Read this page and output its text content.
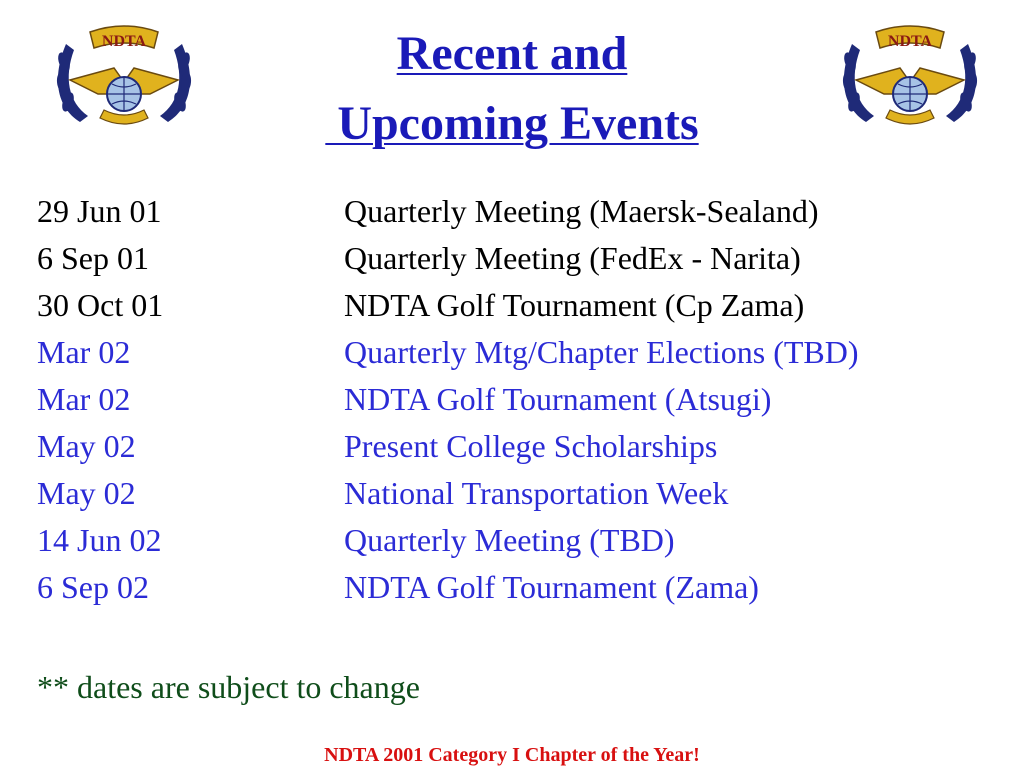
NDTA	NDTA
Recent and
Upcoming Events
29 Jun 01	Quarterly Meeting (Maersk-Sealand)
6 Sep 01	Quarterly Meeting (FedEx - Narita)
30 Oct 01	NDTA Golf Tournament (Cp Zama)
Mar 02	Quarterly Mtg/Chapter Elections (TBD)
Mar 02	NDTA Golf Tournament (Atsugi)
May 02	Present College Scholarships
May 02	National Transportation Week
14 Jun 02	Quarterly Meeting (TBD)
6 Sep 02	NDTA Golf Tournament (Zama)
** dates are subject to change
NDTA 2001 Category I Chapter of the Year!
